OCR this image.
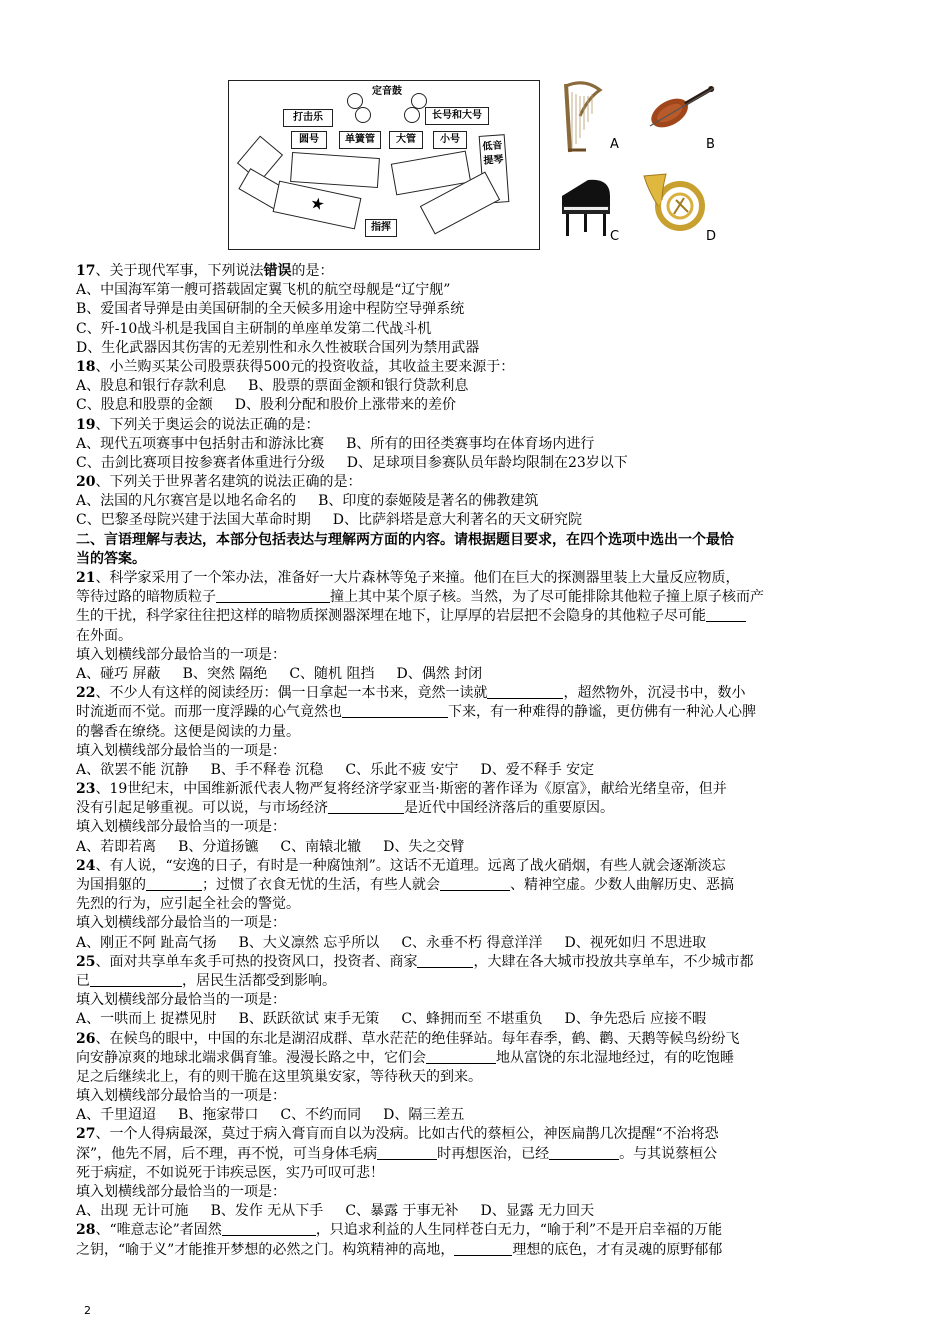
定音鼓
打击乐	长号和大号
圆号	单簧管	大管	小号
低音提琴
★
指挥
A	B
C	D
17、关于现代军事，下列说法错误的是：
A、中国海军第一艘可搭载固定翼飞机的航空母舰是“辽宁舰”
B、爱国者导弹是由美国研制的全天候多用途中程防空导弹系统
C、歼-10战斗机是我国自主研制的单座单发第二代战斗机
D、生化武器因其伤害的无差别性和永久性被联合国列为禁用武器
18、小兰购买某公司股票获得500元的投资收益，其收益主要来源于：
A、股息和银行存款利息 B、股票的票面金额和银行贷款利息
C、股息和股票的金额 D、股利分配和股价上涨带来的差价
19、下列关于奥运会的说法正确的是：
A、现代五项赛事中包括射击和游泳比赛 B、所有的田径类赛事均在体育场内进行
C、击剑比赛项目按参赛者体重进行分级 D、足球项目参赛队员年龄均限制在23岁以下
20、下列关于世界著名建筑的说法正确的是：
A、法国的凡尔赛宫是以地名命名的 B、印度的泰姬陵是著名的佛教建筑
C、巴黎圣母院兴建于法国大革命时期 D、比萨斜塔是意大利著名的天文研究院
二、言语理解与表达，本部分包括表达与理解两方面的内容。请根据题目要求，在四个选项中选出一个最恰
当的答案。
21、科学家采用了一个笨办法，准备好一大片森林等兔子来撞。他们在巨大的探测器里装上大量反应物质，
等待过路的暗物质粒子	撞上其中某个原子核。当然，为了尽可能排除其他粒子撞上原子核而产
生的干扰，科学家往往把这样的暗物质探测器深埋在地下，让厚厚的岩层把不会隐身的其他粒子尽可能
在外面。
填入划横线部分最恰当的一项是：
A、碰巧 屏蔽 B、突然 隔绝 C、随机 阻挡 D、偶然 封闭
22、不少人有这样的阅读经历：偶一日拿起一本书来，竟然一读就	，超然物外，沉浸书中，数小
时流逝而不觉。而那一度浮躁的心气竟然也	下来，有一种难得的静谧，更仿佛有一种沁人心脾
的馨香在缭绕。这便是阅读的力量。
填入划横线部分最恰当的一项是：
A、欲罢不能 沉静 B、手不释卷 沉稳 C、乐此不疲 安宁 D、爱不释手 安定
23、19世纪末，中国维新派代表人物严复将经济学家亚当·斯密的著作译为《原富》，献给光绪皇帝，但并
没有引起足够重视。可以说，与市场经济	是近代中国经济落后的重要原因。
填入划横线部分最恰当的一项是：
A、若即若离 B、分道扬镳 C、南辕北辙 D、失之交臂
24、有人说，“安逸的日子，有时是一种腐蚀剂”。这话不无道理。远离了战火硝烟，有些人就会逐渐淡忘
为国捐躯的	；过惯了衣食无忧的生活，有些人就会	、精神空虚。少数人曲解历史、恶搞
先烈的行为，应引起全社会的警觉。
填入划横线部分最恰当的一项是：
A、刚正不阿 趾高气扬 B、大义凛然 忘乎所以 C、永垂不朽 得意洋洋 D、视死如归 不思进取
25、面对共享单车炙手可热的投资风口，投资者、商家	，大肆在各大城市投放共享单车，不少城市都
已	，居民生活都受到影响。
填入划横线部分最恰当的一项是：
A、一哄而上 捉襟见肘 B、跃跃欲试 束手无策 C、蜂拥而至 不堪重负 D、争先恐后 应接不暇
26、在候鸟的眼中，中国的东北是湖沼成群、草水茫茫的绝佳驿站。每年春季，鹤、鹳、天鹅等候鸟纷纷飞
向安静凉爽的地球北端求偶育雏。漫漫长路之中，它们会	地从富饶的东北湿地经过，有的吃饱睡
足之后继续北上，有的则干脆在这里筑巢安家，等待秋天的到来。
填入划横线部分最恰当的一项是：
A、千里迢迢 B、拖家带口 C、不约而同 D、隔三差五
27、一个人得病最深，莫过于病入膏肓而自以为没病。比如古代的蔡桓公，神医扁鹊几次提醒“不治将恐
深”，他先不屑，后不理，再不悦，可当身体毛病	时再想医治，已经	。与其说蔡桓公
死于病症，不如说死于讳疾忌医，实乃可叹可悲！
填入划横线部分最恰当的一项是：
A、出现 无计可施 B、发作 无从下手 C、暴露 于事无补 D、显露 无力回天
28、“唯意志论”者固然	，只追求利益的人生同样苍白无力，“喻于利”不是开启幸福的万能
之钥，“喻于义”才能推开梦想的必然之门。构筑精神的高地，	理想的底色，才有灵魂的原野郁郁
2
